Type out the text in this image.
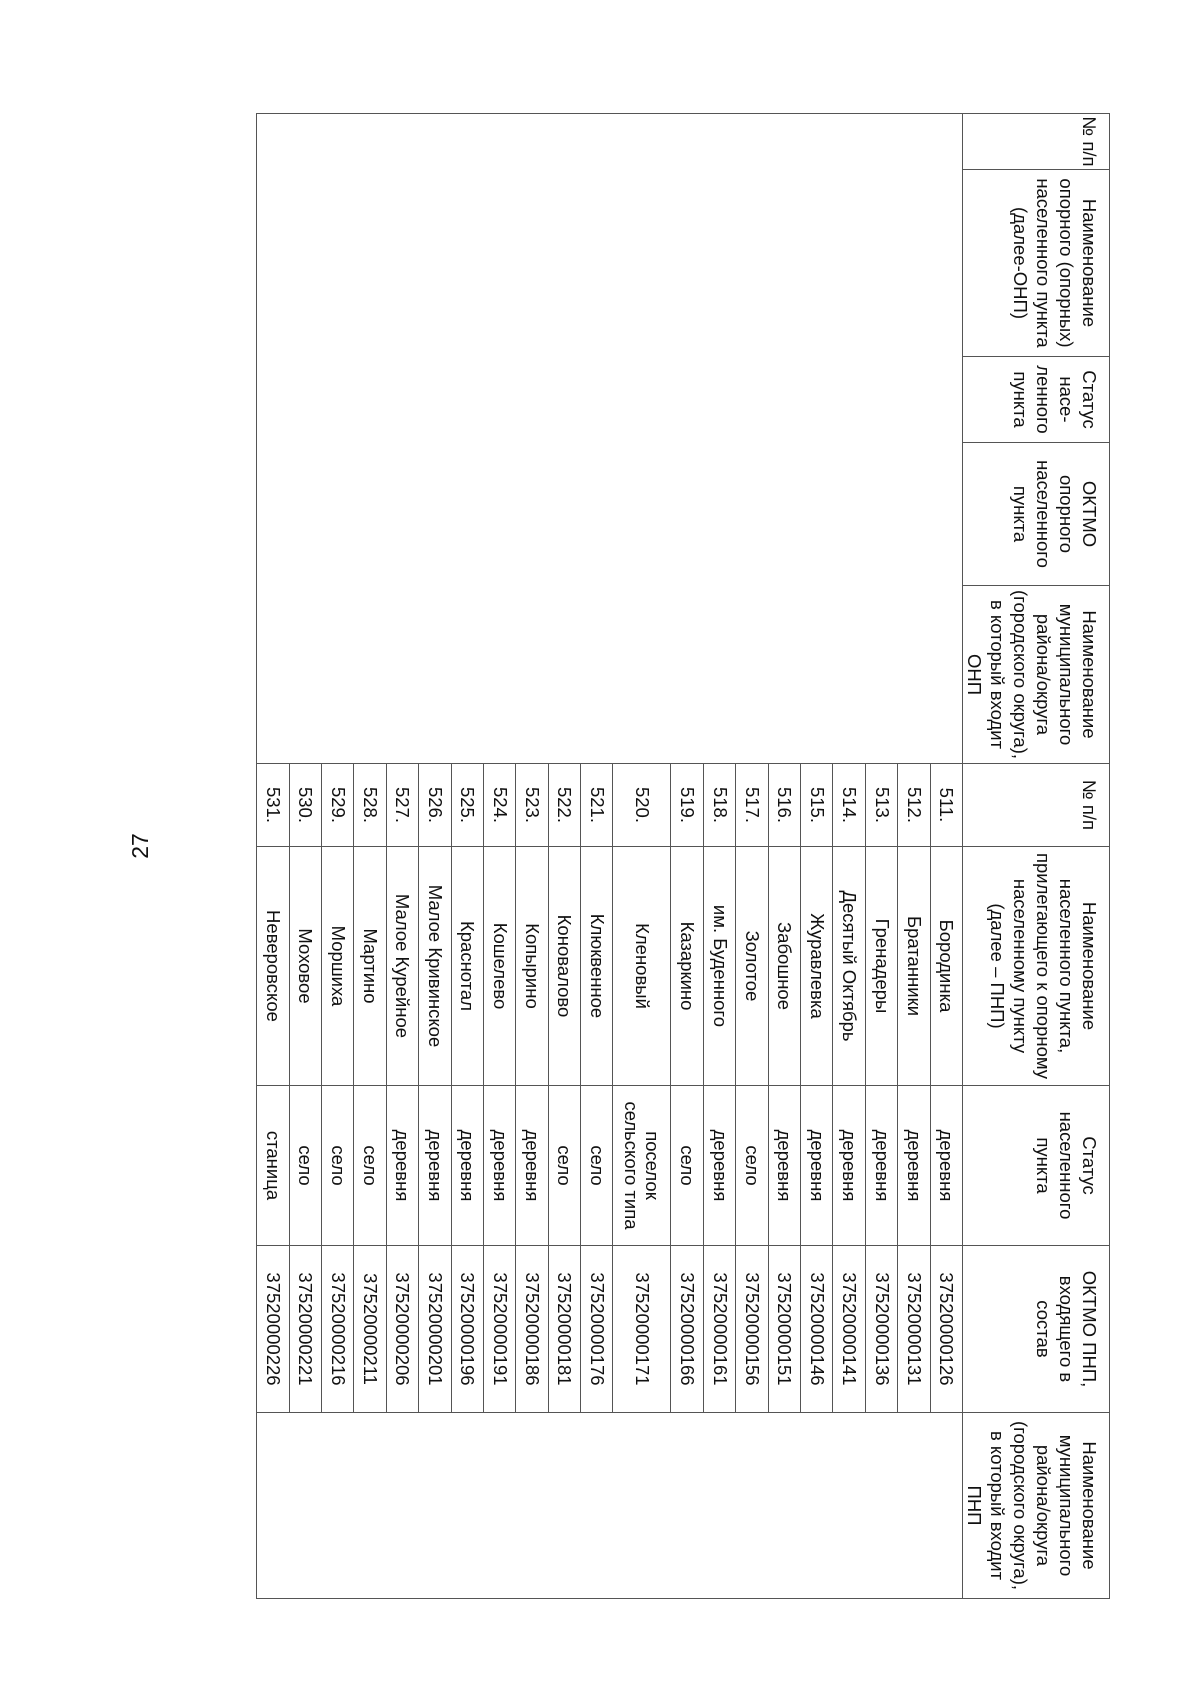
27
№ п/п	Наименование опорного (опорных) населенного пункта (далее-ОНП)	Статус насе-ленного пункта	ОКТМО опорного населенного пункта	Наименование муниципального района/округа (городского округа), в который входит ОНП	№ п/п	Наименование населенного пункта, прилегающего к опорному населенному пункту (далее – ПНП)	Статус населенного пункта	ОКТМО ПНП, входящего в состав	Наименование муниципального района/округа (городского округа), в который входит ПНП
					511.	Бородинка	деревня	37520000126	
					512.	Братанники	деревня	37520000131	
					513.	Гренадеры	деревня	37520000136	
					514.	Десятый Октябрь	деревня	37520000141	
					515.	Журавлевка	деревня	37520000146	
					516.	Забошное	деревня	37520000151	
					517.	Золотое	село	37520000156	
					518.	им. Буденного	деревня	37520000161	
					519.	Казаркино	село	37520000166	
					520.	Кленовый	поселок сельского типа	37520000171	
					521.	Клюквенное	село	37520000176	
					522.	Коновалово	село	37520000181	
					523.	Копырино	деревня	37520000186	
					524.	Кошелево	деревня	37520000191	
					525.	Краснотал	деревня	37520000196	
					526.	Малое Кривинское	деревня	37520000201	
					527.	Малое Курейное	деревня	37520000206	
					528.	Мартино	село	37520000211	
					529.	Моршиха	село	37520000216	
					530.	Моховое	село	37520000221	
					531.	Неверовское	станица	37520000226	
